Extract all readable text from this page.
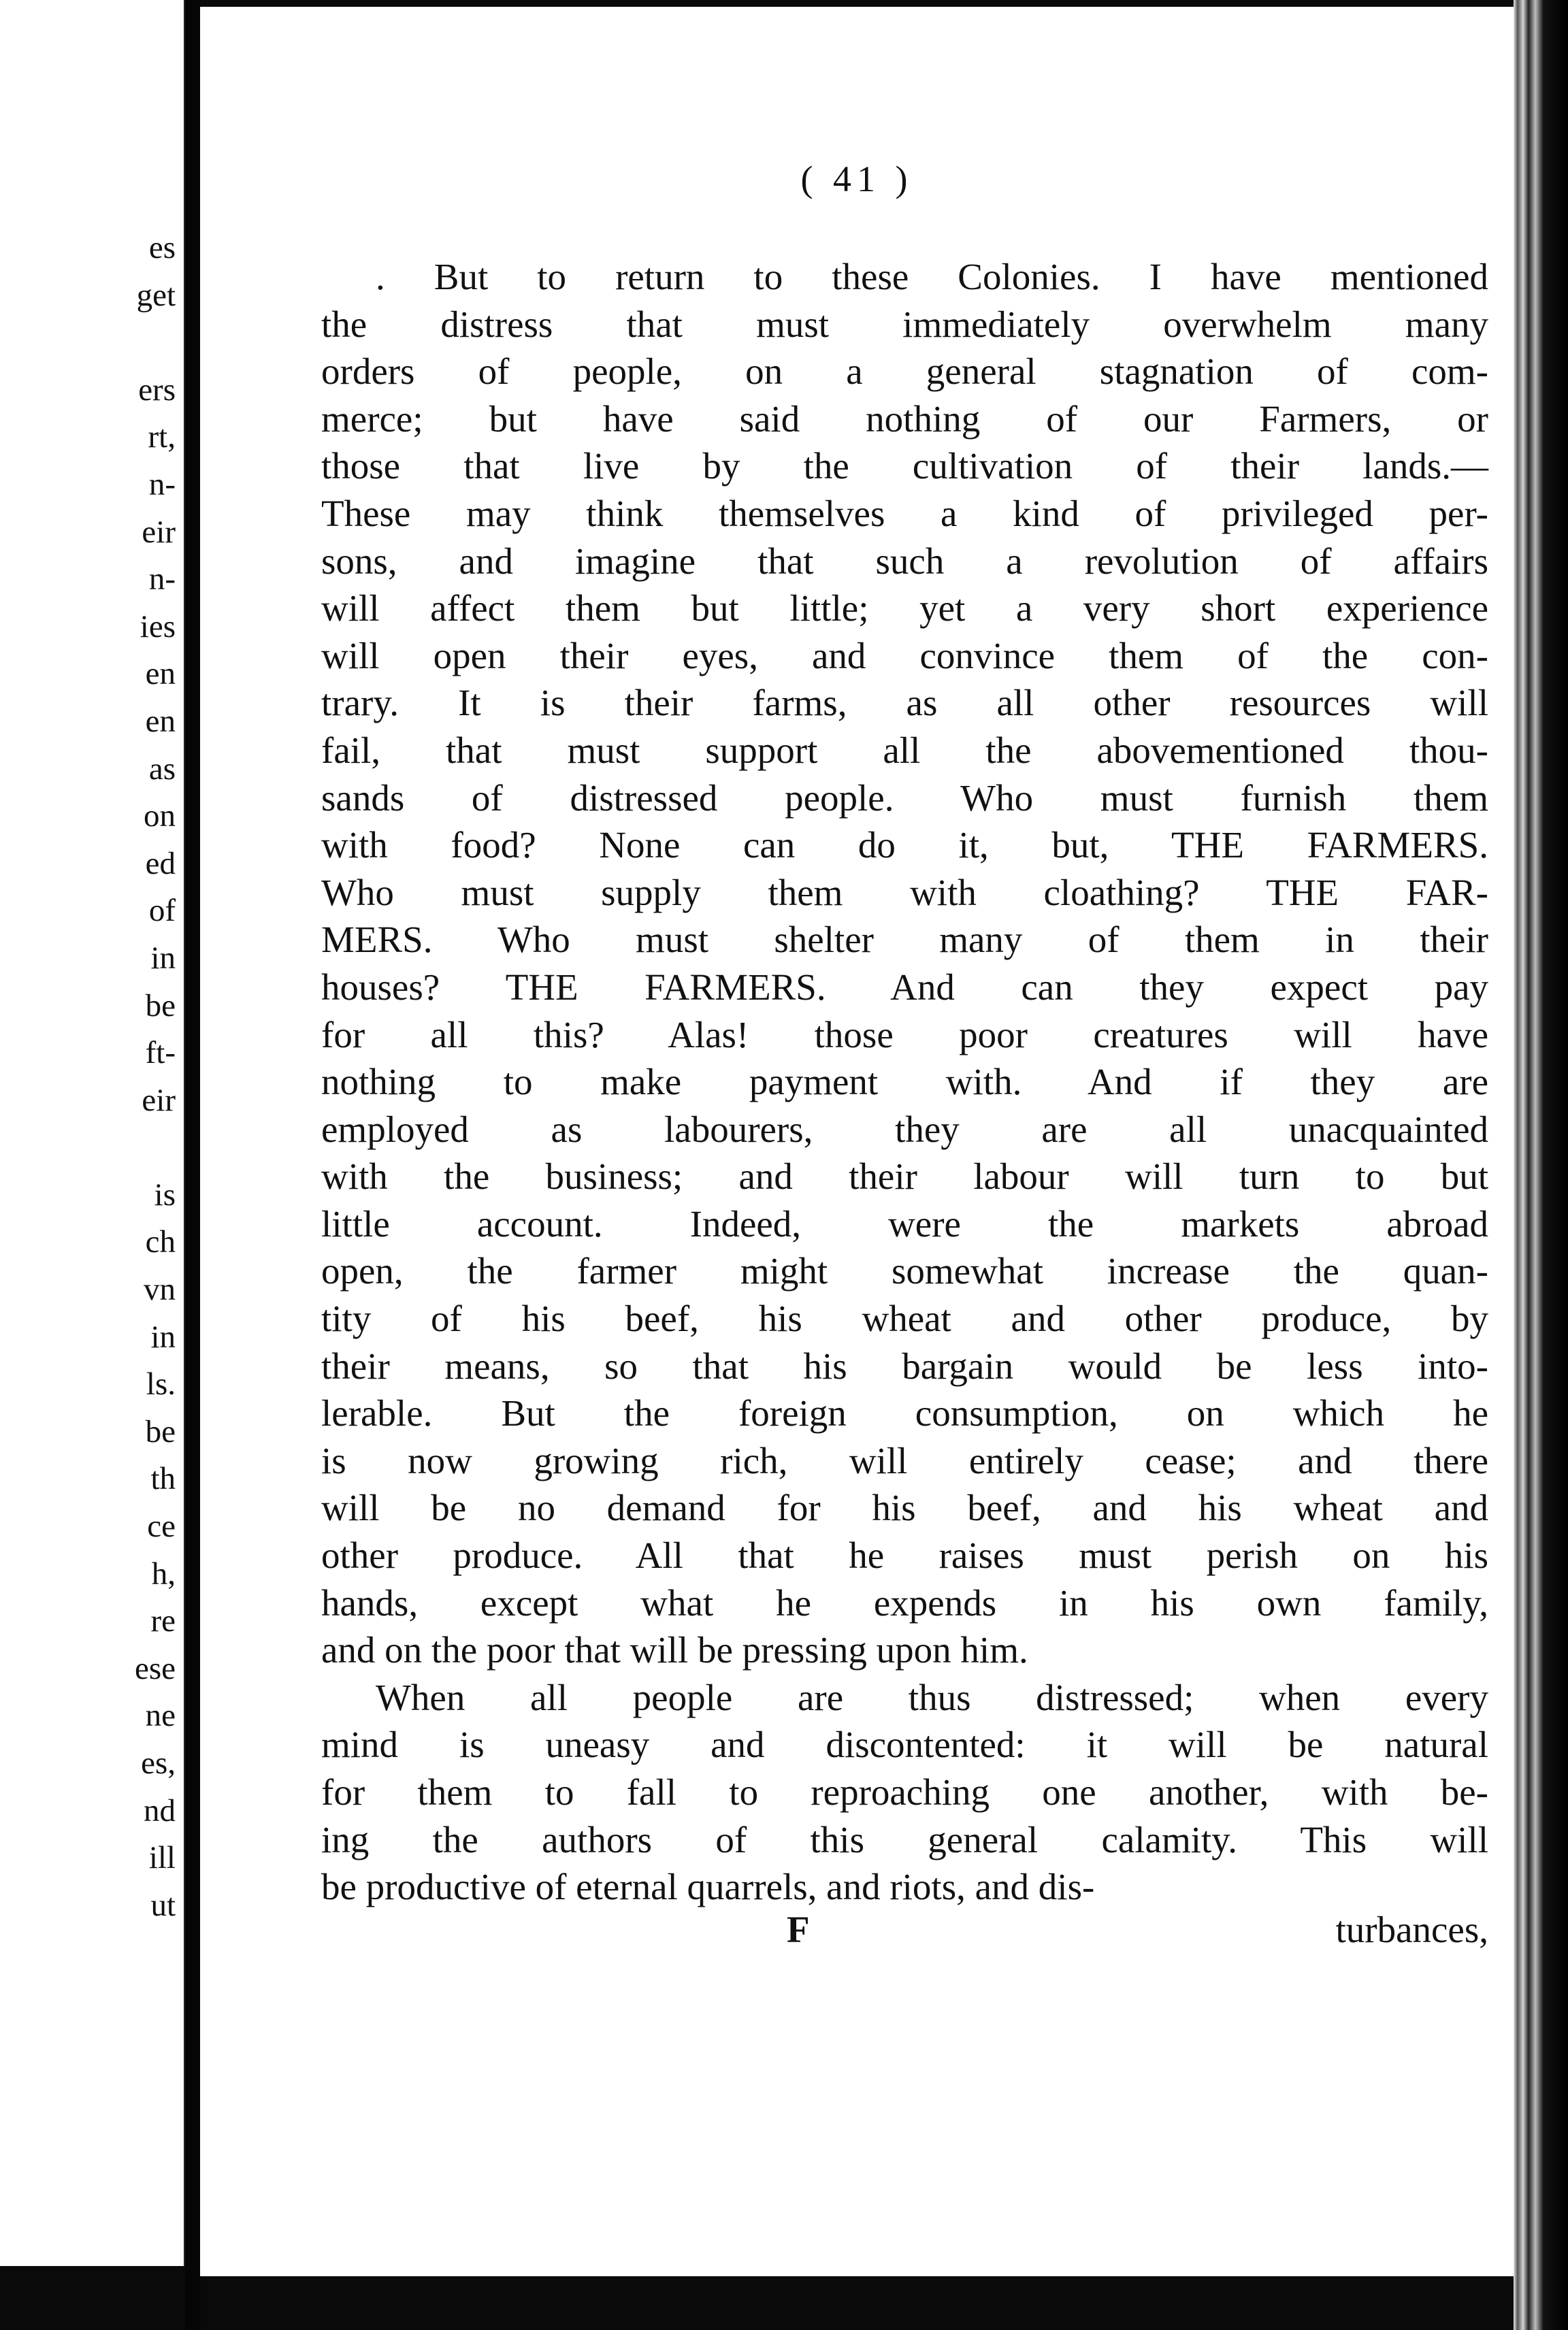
es
get
ers
rt,
n-
eir
n-
ies
en
en
as
on
ed
of
in
be
ft-
eir
is
ch
vn
in
ls.
be
th
ce
h,
re
ese
ne
es,
nd
ill
ut
( 41 )
. But to return to these Colonies. I have mentioned
the distress that must immediately overwhelm many
orders of people, on a general stagnation of com-
merce; but have said nothing of our Farmers, or
those that live by the cultivation of their lands.—
These may think themselves a kind of privileged per-
sons, and imagine that such a revolution of affairs
will affect them but little; yet a very short experience
will open their eyes, and convince them of the con-
trary. It is their farms, as all other resources will
fail, that must support all the abovementioned thou-
sands of distressed people. Who must furnish them
with food? None can do it, but, THE FARMERS.
Who must supply them with cloathing? THE FAR-
MERS. Who must shelter many of them in their
houses? THE FARMERS. And can they expect pay
for all this? Alas! those poor creatures will have
nothing to make payment with. And if they are
employed as labourers, they are all unacquainted
with the business; and their labour will turn to but
little account. Indeed, were the markets abroad
open, the farmer might somewhat increase the quan-
tity of his beef, his wheat and other produce, by
their means, so that his bargain would be less into-
lerable. But the foreign consumption, on which he
is now growing rich, will entirely cease; and there
will be no demand for his beef, and his wheat and
other produce. All that he raises must perish on his
hands, except what he expends in his own family,
and on the poor that will be pressing upon him.
When all people are thus distressed; when every
mind is uneasy and discontented: it will be natural
for them to fall to reproaching one another, with be-
ing the authors of this general calamity. This will
be productive of eternal quarrels, and riots, and dis-
F	turbances,
